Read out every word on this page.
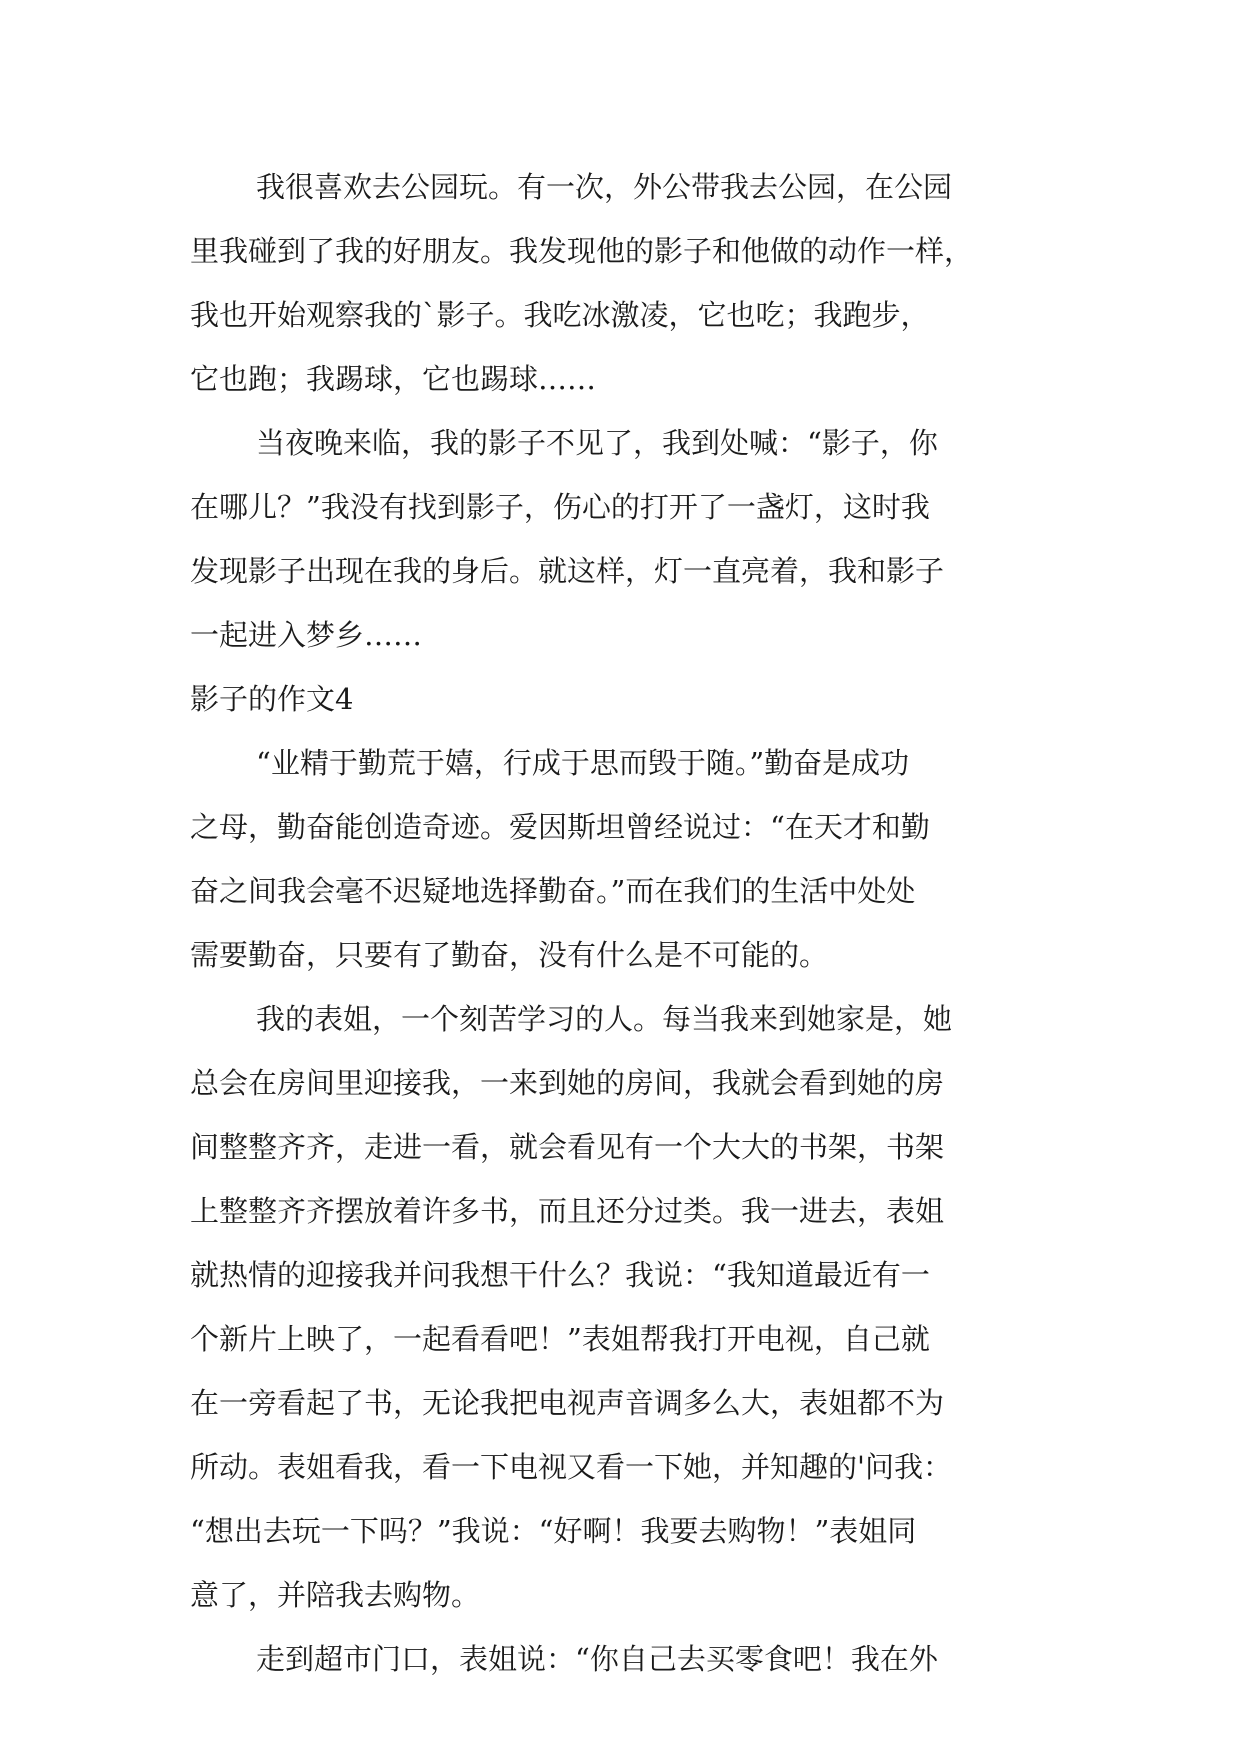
我很喜欢去公园玩。有一次，外公带我去公园，在公园
里我碰到了我的好朋友。我发现他的影子和他做的动作一样，
我也开始观察我的`影子。我吃冰激凌，它也吃；我跑步，
它也跑；我踢球，它也踢球……
当夜晚来临，我的影子不见了，我到处喊：“影子，你
在哪儿？”我没有找到影子，伤心的打开了一盏灯，这时我
发现影子出现在我的身后。就这样，灯一直亮着，我和影子
一起进入梦乡……
影子的作文4
“业精于勤荒于嬉，行成于思而毁于随。”勤奋是成功
之母，勤奋能创造奇迹。爱因斯坦曾经说过：“在天才和勤
奋之间我会毫不迟疑地选择勤奋。”而在我们的生活中处处
需要勤奋，只要有了勤奋，没有什么是不可能的。
我的表姐，一个刻苦学习的人。每当我来到她家是，她
总会在房间里迎接我，一来到她的房间，我就会看到她的房
间整整齐齐，走进一看，就会看见有一个大大的书架，书架
上整整齐齐摆放着许多书，而且还分过类。我一进去，表姐
就热情的迎接我并问我想干什么？我说：“我知道最近有一
个新片上映了，一起看看吧！”表姐帮我打开电视，自己就
在一旁看起了书，无论我把电视声音调多么大，表姐都不为
所动。表姐看我，看一下电视又看一下她，并知趣的'问我：
“想出去玩一下吗？”我说：“好啊！我要去购物！”表姐同
意了，并陪我去购物。
走到超市门口，表姐说：“你自己去买零食吧！我在外
